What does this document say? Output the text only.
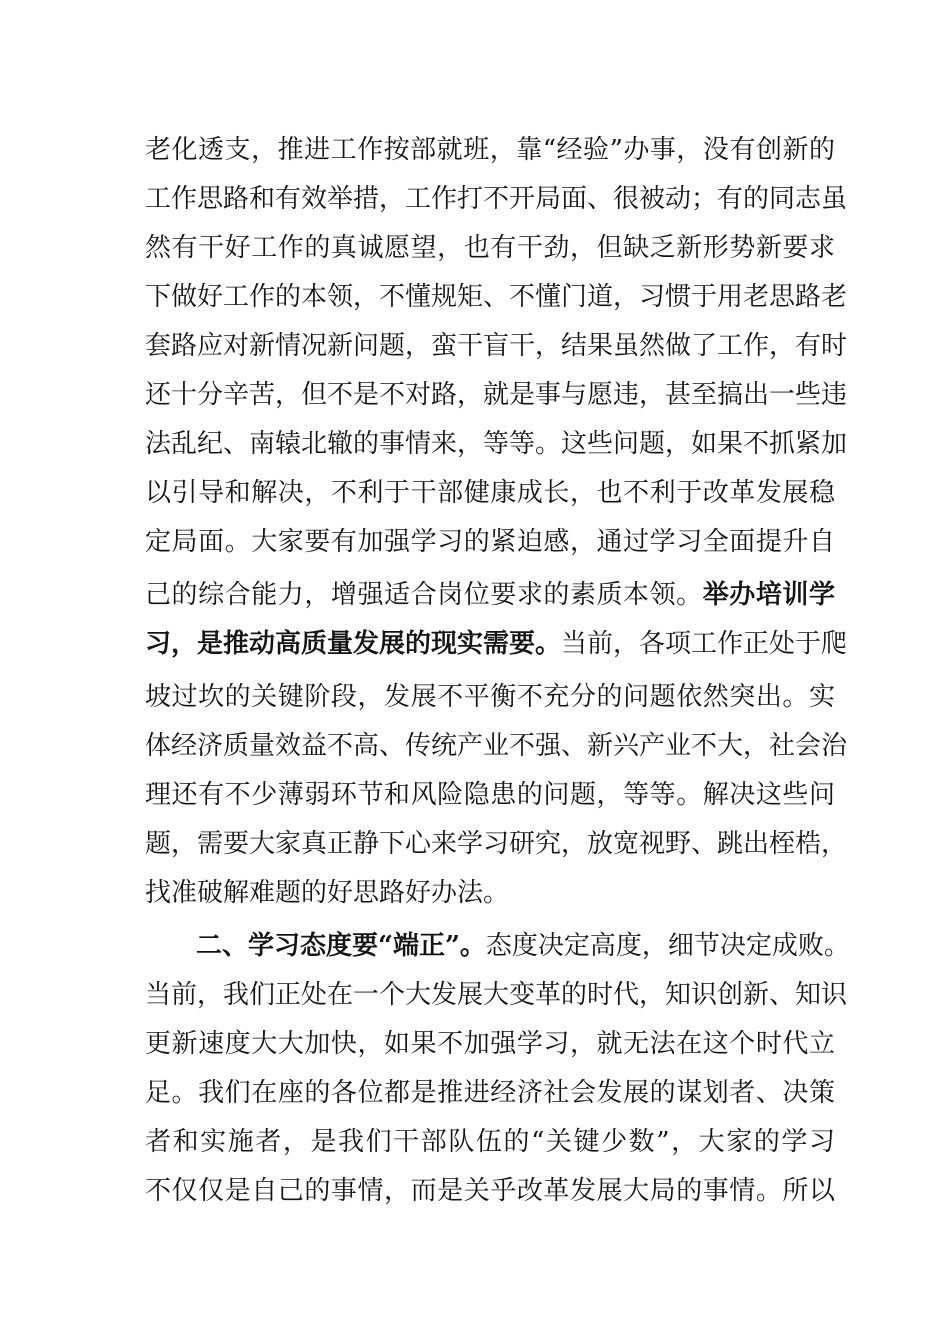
老化透支，推进工作按部就班，靠“经验”办事，没有创新的
工作思路和有效举措，工作打不开局面、很被动；有的同志虽
然有干好工作的真诚愿望，也有干劲，但缺乏新形势新要求
下做好工作的本领，不懂规矩、不懂门道，习惯于用老思路老
套路应对新情况新问题，蛮干盲干，结果虽然做了工作，有时
还十分辛苦，但不是不对路，就是事与愿违，甚至搞出一些违
法乱纪、南辕北辙的事情来，等等。这些问题，如果不抓紧加
以引导和解决，不利于干部健康成长，也不利于改革发展稳
定局面。大家要有加强学习的紧迫感，通过学习全面提升自
己的综合能力，增强适合岗位要求的素质本领。举办培训学
习，是推动高质量发展的现实需要。当前，各项工作正处于爬
坡过坎的关键阶段，发展不平衡不充分的问题依然突出。实
体经济质量效益不高、传统产业不强、新兴产业不大，社会治
理还有不少薄弱环节和风险隐患的问题，等等。解决这些问
题，需要大家真正静下心来学习研究，放宽视野、跳出桎梏，
找准破解难题的好思路好办法。
二、学习态度要“端正”。态度决定高度，细节决定成败。
当前，我们正处在一个大发展大变革的时代，知识创新、知识
更新速度大大加快，如果不加强学习，就无法在这个时代立
足。我们在座的各位都是推进经济社会发展的谋划者、决策
者和实施者，是我们干部队伍的“关键少数”，大家的学习
不仅仅是自己的事情，而是关乎改革发展大局的事情。所以
